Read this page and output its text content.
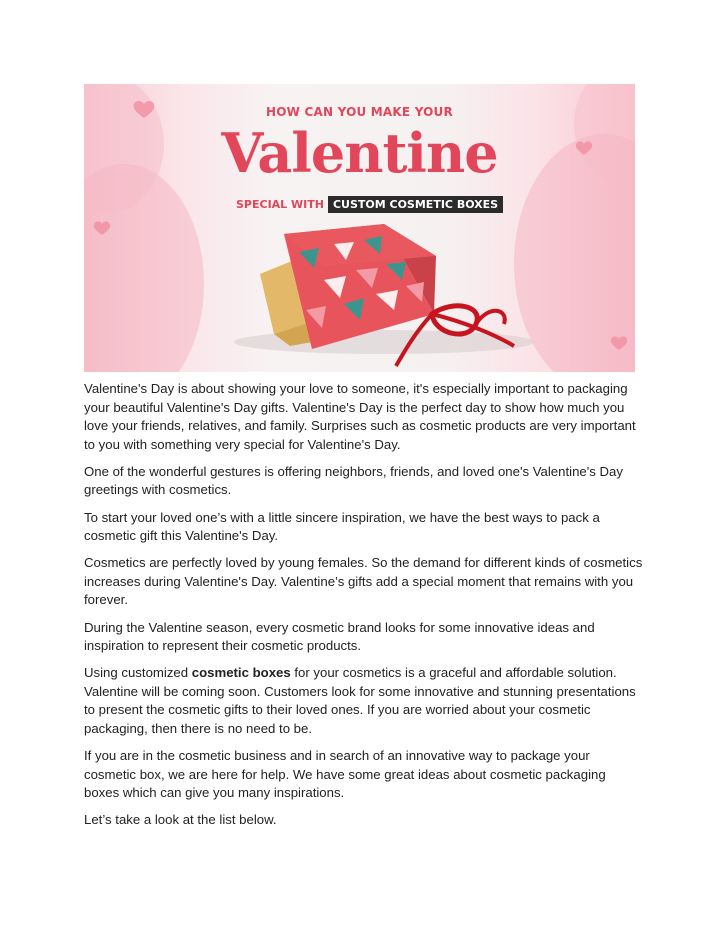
HOW CAN YOU MAKE YOUR
Valentine
SPECIAL WITH CUSTOM COSMETIC BOXES

Valentine's Day is about showing your love to someone, it's especially important to packaging your beautiful Valentine's Day gifts. Valentine's Day is the perfect day to show how much you love your friends, relatives, and family. Surprises such as cosmetic products are very important to you with something very special for Valentine's Day.

One of the wonderful gestures is offering neighbors, friends, and loved one's Valentine's Day greetings with cosmetics.

To start your loved one’s with a little sincere inspiration, we have the best ways to pack a cosmetic gift this Valentine's Day.

Cosmetics are perfectly loved by young females. So the demand for different kinds of cosmetics increases during Valentine's Day. Valentine’s gifts add a special moment that remains with you forever.

During the Valentine season, every cosmetic brand looks for some innovative ideas and inspiration to represent their cosmetic products.

Using customized cosmetic boxes for your cosmetics is a graceful and affordable solution. Valentine will be coming soon. Customers look for some innovative and stunning presentations to present the cosmetic gifts to their loved ones. If you are worried about your cosmetic packaging, then there is no need to be.

If you are in the cosmetic business and in search of an innovative way to package your cosmetic box, we are here for help. We have some great ideas about cosmetic packaging boxes which can give you many inspirations.

Let’s take a look at the list below.
